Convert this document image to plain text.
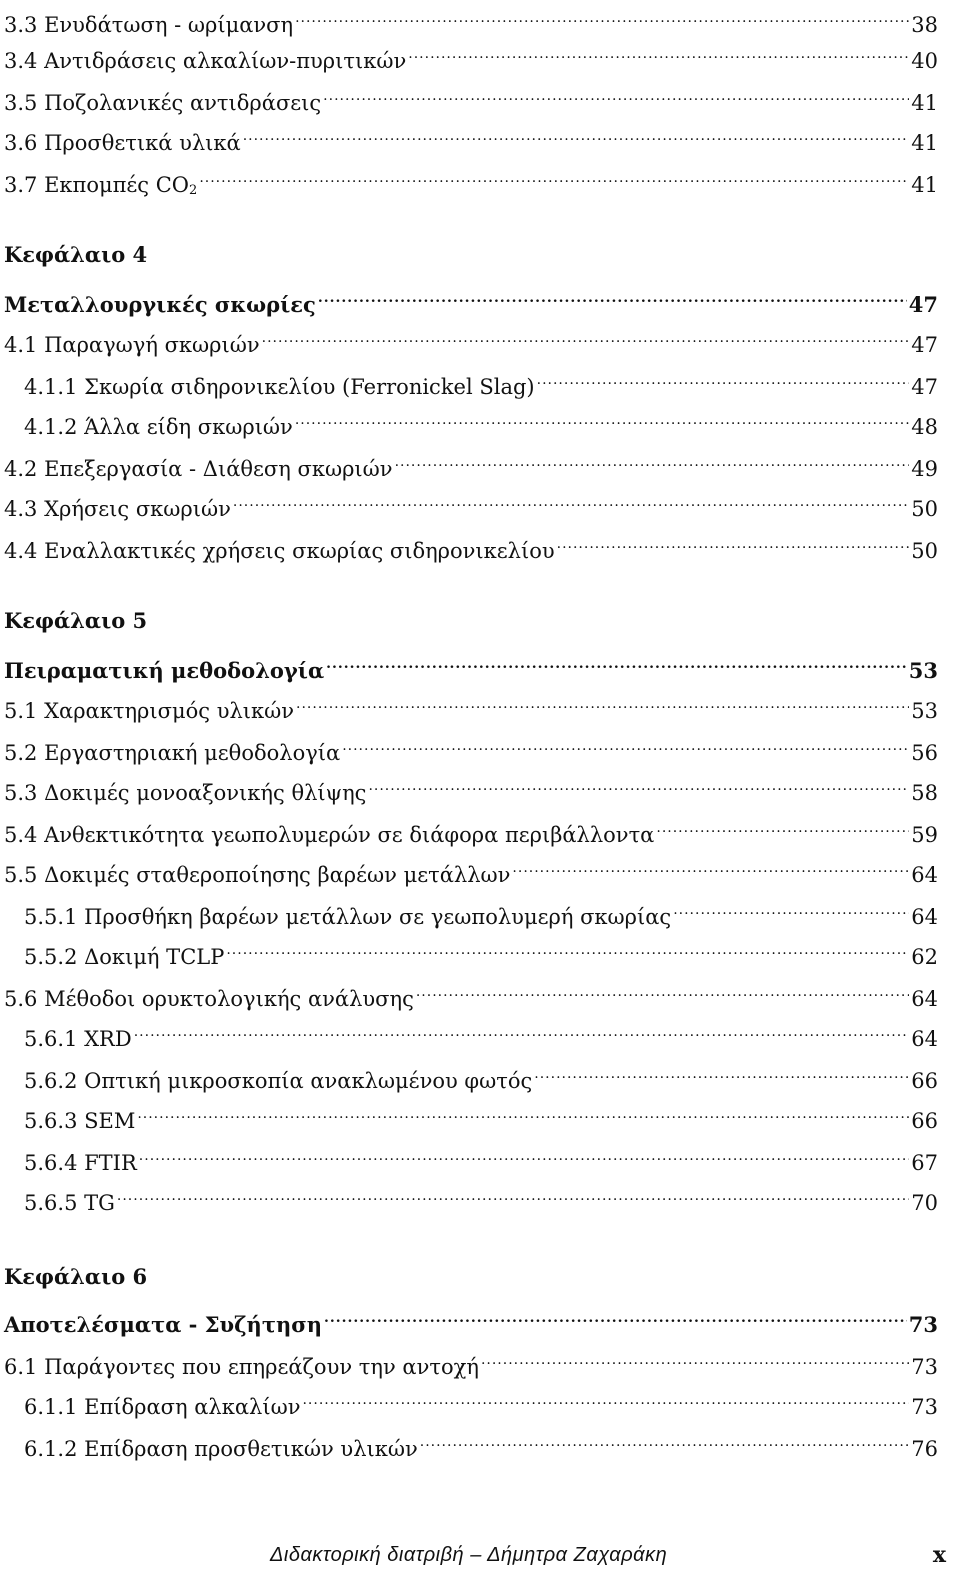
3.3 Ενυδάτωση - ωρίμανση .....	38
3.4 Αντιδράσεις αλκαλίων-πυριτικών .....	40
3.5 Ποζολανικές αντιδράσεις .....	41
3.6 Προσθετικά υλικά .....	41
3.7 Εκπομπές $CO_2$ .....	41
Κεφάλαιο 4
Μεταλλουργικές σκωρίες .....	47
4.1 Παραγωγή σκωριών .....	47
4.1.1 Σκωρία σιδηρονικελίου (Ferronickel Slag) .....	47
4.1.2 Άλλα είδη σκωριών .....	48
4.2 Επεξεργασία - Διάθεση σκωριών .....	49
4.3 Χρήσεις σκωριών .....	50
4.4 Εναλλακτικές χρήσεις σκωρίας σιδηρονικελίου .....	50
Κεφάλαιο 5
Πειραματική μεθοδολογία .....	53
5.1 Χαρακτηρισμός υλικών .....	53
5.2 Εργαστηριακή μεθοδολογία .....	56
5.3 Δοκιμές μονοαξονικής θλίψης .....	58
5.4 Ανθεκτικότητα γεωπολυμερών σε διάφορα περιβάλλοντα .....	59
5.5 Δοκιμές σταθεροποίησης βαρέων μετάλλων .....	64
5.5.1 Προσθήκη βαρέων μετάλλων σε γεωπολυμερή σκωρίας .....	64
5.5.2 Δοκιμή TCLP .....	62
5.6 Μέθοδοι ορυκτολογικής ανάλυσης .....	64
5.6.1 XRD .....	64
5.6.2 Οπτική μικροσκοπία ανακλωμένου φωτός .....	66
5.6.3 SEM .....	66
5.6.4 FTIR .....	67
5.6.5 TG .....	70
Κεφάλαιο 6
Αποτελέσματα - Συζήτηση .....	73
6.1 Παράγοντες που επηρεάζουν την αντοχή .....	73
6.1.1 Επίδραση αλκαλίων .....	73
6.1.2 Επίδραση προσθετικών υλικών .....	76
Διδακτορική διατριβή – Δήμητρα Ζαχαράκη	x
